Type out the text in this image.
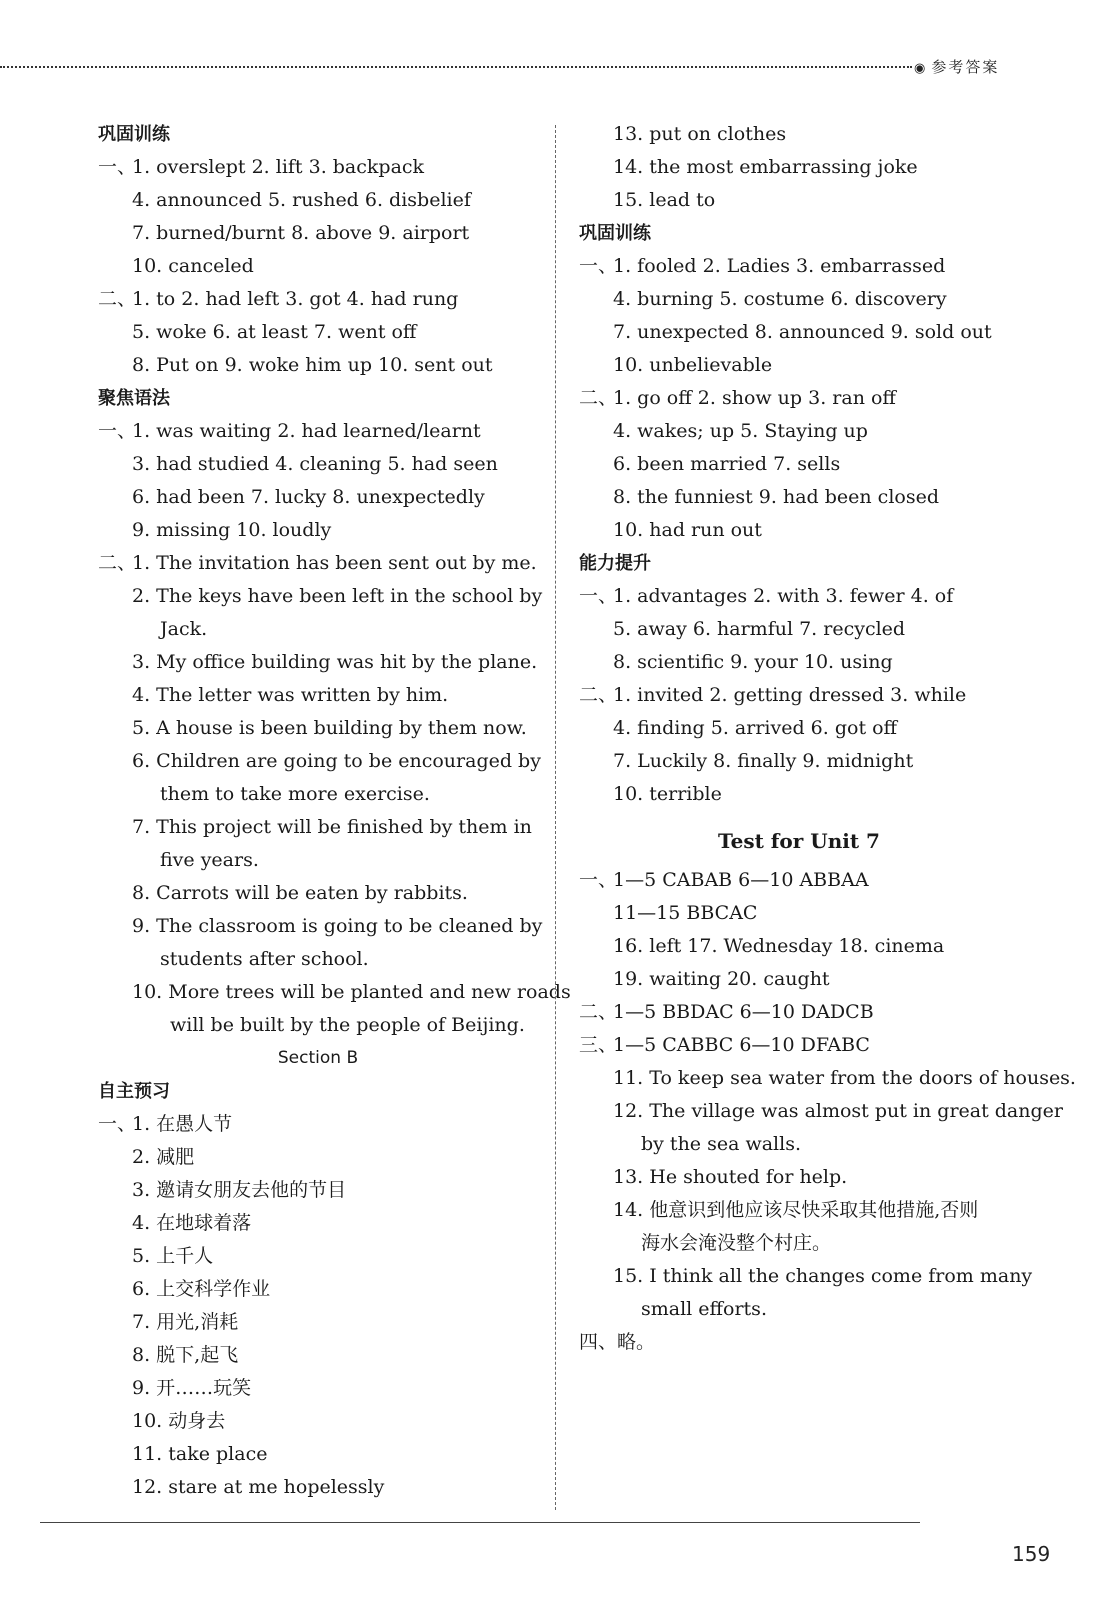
◉ 参考答案
巩固训练
一、
1. overslept 2. lift 3. backpack
4. announced 5. rushed 6. disbelief
7. burned/burnt 8. above 9. airport
10. canceled
二、
1. to 2. had left 3. got 4. had rung
5. woke 6. at least 7. went off
8. Put on 9. woke him up 10. sent out
聚焦语法
一、
1. was waiting 2. had learned/learnt
3. had studied 4. cleaning 5. had seen
6. had been 7. lucky 8. unexpectedly
9. missing 10. loudly
二、
1. The invitation has been sent out by me.
2. The keys have been left in the school by
Jack.
3. My office building was hit by the plane.
4. The letter was written by him.
5. A house is been building by them now.
6. Children are going to be encouraged by
them to take more exercise.
7. This project will be finished by them in
five years.
8. Carrots will be eaten by rabbits.
9. The classroom is going to be cleaned by
students after school.
10. More trees will be planted and new roads
will be built by the people of Beijing.
Section B
自主预习
一、
1. 在愚人节
2. 减肥
3. 邀请女朋友去他的节目
4. 在地球着落
5. 上千人
6. 上交科学作业
7. 用光,消耗
8. 脱下,起飞
9. 开……玩笑
10. 动身去
11. take place
12. stare at me hopelessly
13. put on clothes
14. the most embarrassing joke
15. lead to
巩固训练
一、
1. fooled 2. Ladies 3. embarrassed
4. burning 5. costume 6. discovery
7. unexpected 8. announced 9. sold out
10. unbelievable
二、
1. go off 2. show up 3. ran off
4. wakes; up 5. Staying up
6. been married 7. sells
8. the funniest 9. had been closed
10. had run out
能力提升
一、
1. advantages 2. with 3. fewer 4. of
5. away 6. harmful 7. recycled
8. scientific 9. your 10. using
二、
1. invited 2. getting dressed 3. while
4. finding 5. arrived 6. got off
7. Luckily 8. finally 9. midnight
10. terrible
Test for Unit 7
一、
1—5 CABAB 6—10 ABBAA
11—15 BBCAC
16. left 17. Wednesday 18. cinema
19. waiting 20. caught
二、
1—5 BBDAC 6—10 DADCB
三、
1—5 CABBC 6—10 DFABC
11. To keep sea water from the doors of houses.
12. The village was almost put in great danger
by the sea walls.
13. He shouted for help.
14. 他意识到他应该尽快采取其他措施,否则
海水会淹没整个村庄。
15. I think all the changes come from many
small efforts.
四、略。
159
